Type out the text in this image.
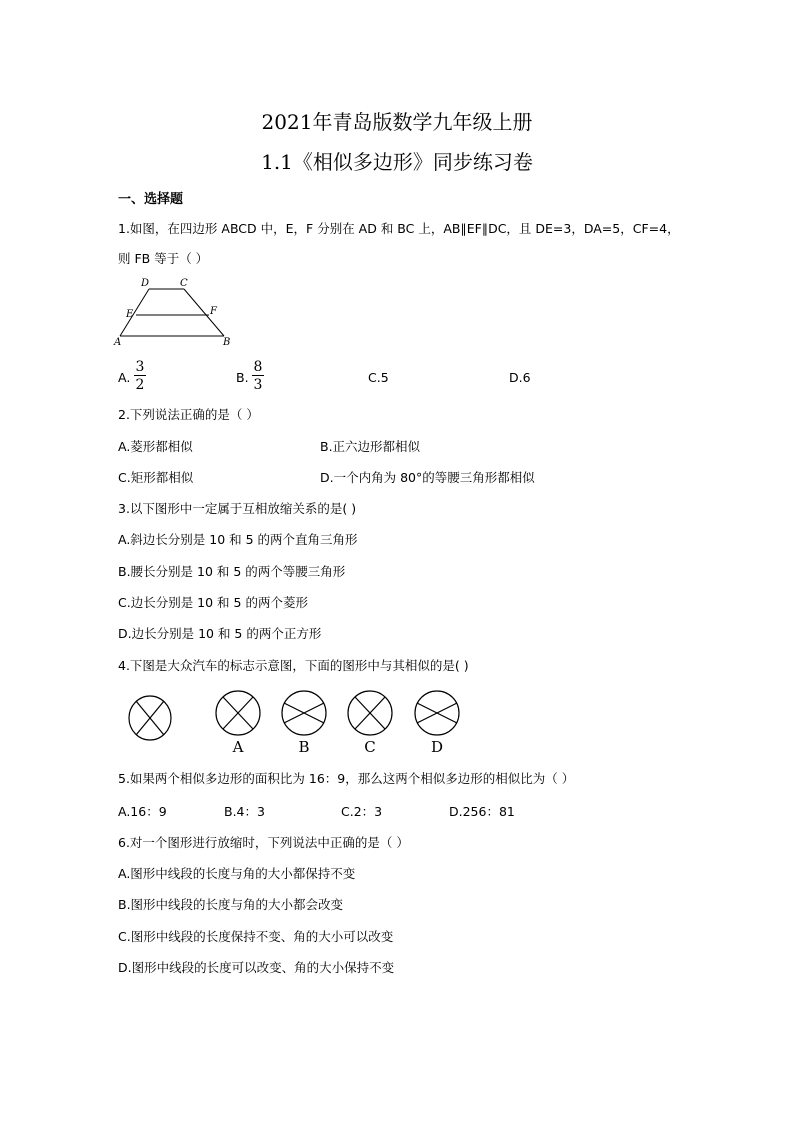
2021年青岛版数学九年级上册
1.1《相似多边形》同步练习卷
一、选择题
1.如图，在四边形 ABCD 中，E，F 分别在 AD 和 BC 上，AB∥EF∥DC，且 DE=3，DA=5，CF=4，
则 FB 等于（ ）
D	C
E	F
A	B
A.
3
2	B.
8
3	C.5	D.6
2.下列说法正确的是（ ）
A.菱形都相似	B.正六边形都相似
C.矩形都相似	D.一个内角为 80°的等腰三角形都相似
3.以下图形中一定属于互相放缩关系的是( )
A.斜边长分别是 10 和 5 的两个直角三角形
B.腰长分别是 10 和 5 的两个等腰三角形
C.边长分别是 10 和 5 的两个菱形
D.边长分别是 10 和 5 的两个正方形
4.下图是大众汽车的标志示意图，下面的图形中与其相似的是( )
A	B	C	D
5.如果两个相似多边形的面积比为 16：9，那么这两个相似多边形的相似比为（ ）
A.16：9	B.4：3	C.2：3	D.256：81
6.对一个图形进行放缩时，下列说法中正确的是（ ）
A.图形中线段的长度与角的大小都保持不变
B.图形中线段的长度与角的大小都会改变
C.图形中线段的长度保持不变、角的大小可以改变
D.图形中线段的长度可以改变、角的大小保持不变
